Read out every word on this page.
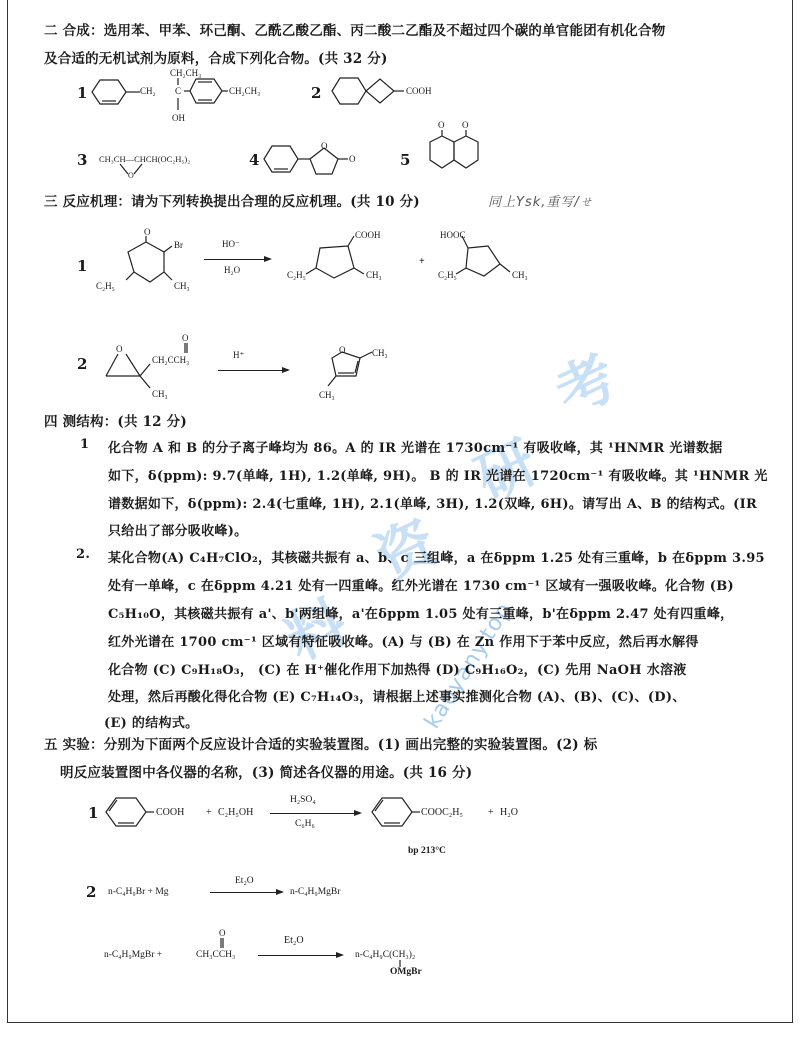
考
研
资
料	kaoyany.top
二 合成：选用苯、甲苯、环己酮、乙酰乙酸乙酯、丙二酸二乙酯及不超过四个碳的单官能团有机化合物
及合适的无机试剂为原料，合成下列化合物。(共 32 分)
1	CH₂
CH₂CH₃
C
OH
CH₂CH₃	2	COOH
3 CH₃CH—CHCH(OC₂H₅)₂
O
4
O
O	5
O O
三 反应机理：请为下列转换提出合理的反应机理。(共 10 分)	同上Ysk,重写/ㄝ
1
O
Br
C₂H₅	CH₃
HO⁻
H₂O
COOH
C₂H₅	CH₃
+
HOOC
C₂H₅	CH₃
2
O
O
CH₂CCH₃
CH₃
H⁺	O	CH₃
CH₃
四 测结构：(共 12 分)
1 化合物 A 和 B 的分子离子峰均为 86。A 的 IR 光谱在 1730cm⁻¹ 有吸收峰，其 ¹HNMR 光谱数据
如下，δ(ppm): 9.7(单峰, 1H), 1.2(单峰, 9H)。 B 的 IR 光谱在 1720cm⁻¹ 有吸收峰。其 ¹HNMR 光
谱数据如下，δ(ppm): 2.4(七重峰, 1H), 2.1(单峰, 3H), 1.2(双峰, 6H)。请写出 A、B 的结构式。(IR
只给出了部分吸收峰)。
2. 某化合物(A) C₄H₇ClO₂，其核磁共振有 a、b、c 三组峰，a 在δppm 1.25 处有三重峰，b 在δppm 3.95
处有一单峰，c 在δppm 4.21 处有一四重峰。红外光谱在 1730 cm⁻¹ 区域有一强吸收峰。化合物 (B)
C₅H₁₀O，其核磁共振有 a'、b'两组峰，a'在δppm 1.05 处有三重峰，b'在δppm 2.47 处有四重峰，
红外光谱在 1700 cm⁻¹ 区域有特征吸收峰。(A) 与 (B) 在 Zn 作用下于苯中反应，然后再水解得
化合物 (C) C₉H₁₈O₃， (C) 在 H⁺催化作用下加热得 (D) C₉H₁₆O₂，(C) 先用 NaOH 水溶液
处理，然后再酸化得化合物 (E) C₇H₁₄O₃，请根据上述事实推测化合物 (A)、(B)、(C)、(D)、
(E) 的结构式。
五 实验：分别为下面两个反应设计合适的实验装置图。(1) 画出完整的实验装置图。(2) 标
明反应装置图中各仪器的名称，(3) 简述各仪器的用途。(共 16 分)
1	COOH + C₂H₅OH
H₂SO₄
C₆H₆
COOC₂H₅	+ H₂O
bp 213°C
2 n-C₄H₉Br + Mg
Et₂O
n-C₄H₉MgBr
n-C₄H₉MgBr +
O
CH₃CCH₃
Et₂O
n-C₄H₉C(CH₃)₂
OMgBr
